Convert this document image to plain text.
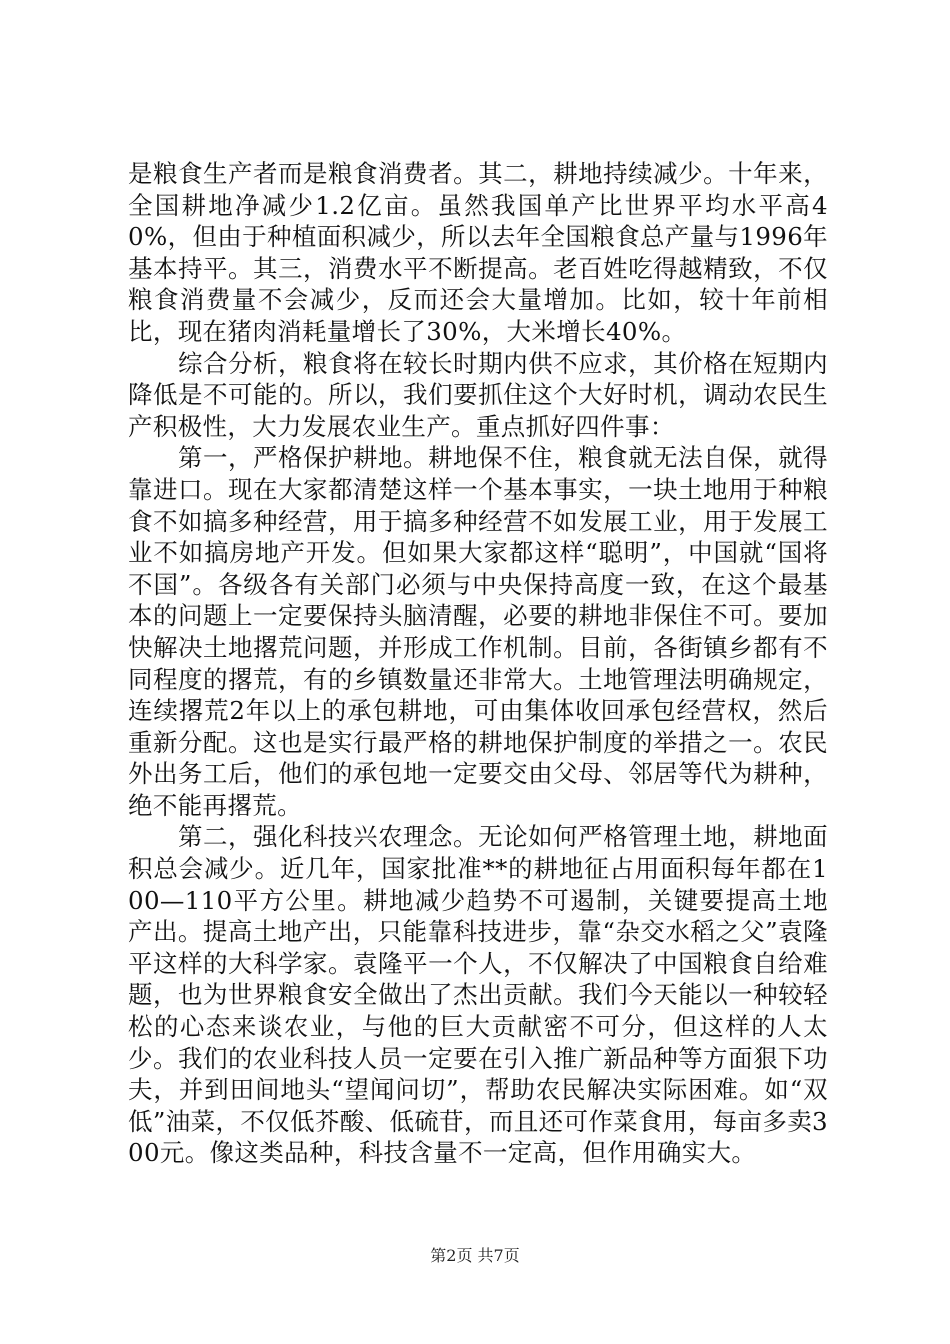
是粮食生产者而是粮食消费者。其二，耕地持续减少。十年来，全国耕地净减少1.2亿亩。虽然我国单产比世界平均水平高40%，但由于种植面积减少，所以去年全国粮食总产量与1996年基本持平。其三，消费水平不断提高。老百姓吃得越精致，不仅粮食消费量不会减少，反而还会大量增加。比如，较十年前相比，现在猪肉消耗量增长了30%，大米增长40%。

综合分析，粮食将在较长时期内供不应求，其价格在短期内降低是不可能的。所以，我们要抓住这个大好时机，调动农民生产积极性，大力发展农业生产。重点抓好四件事：

第一，严格保护耕地。耕地保不住，粮食就无法自保，就得靠进口。现在大家都清楚这样一个基本事实，一块土地用于种粮食不如搞多种经营，用于搞多种经营不如发展工业，用于发展工业不如搞房地产开发。但如果大家都这样“聪明”，中国就“国将不国”。各级各有关部门必须与中央保持高度一致，在这个最基本的问题上一定要保持头脑清醒，必要的耕地非保住不可。要加快解决土地撂荒问题，并形成工作机制。目前，各街镇乡都有不同程度的撂荒，有的乡镇数量还非常大。土地管理法明确规定，连续撂荒2年以上的承包耕地，可由集体收回承包经营权，然后重新分配。这也是实行最严格的耕地保护制度的举措之一。农民外出务工后，他们的承包地一定要交由父母、邻居等代为耕种，绝不能再撂荒。

第二，强化科技兴农理念。无论如何严格管理土地，耕地面积总会减少。近几年，国家批准**的耕地征占用面积每年都在100—110平方公里。耕地减少趋势不可遏制，关键要提高土地产出。提高土地产出，只能靠科技进步，靠“杂交水稻之父”袁隆平这样的大科学家。袁隆平一个人，不仅解决了中国粮食自给难题，也为世界粮食安全做出了杰出贡献。我们今天能以一种较轻松的心态来谈农业，与他的巨大贡献密不可分，但这样的人太少。我们的农业科技人员一定要在引入推广新品种等方面狠下功夫，并到田间地头“望闻问切”，帮助农民解决实际困难。如“双低”油菜，不仅低芥酸、低硫苷，而且还可作菜食用，每亩多卖300元。像这类品种，科技含量不一定高，但作用确实大。

第2页 共7页
